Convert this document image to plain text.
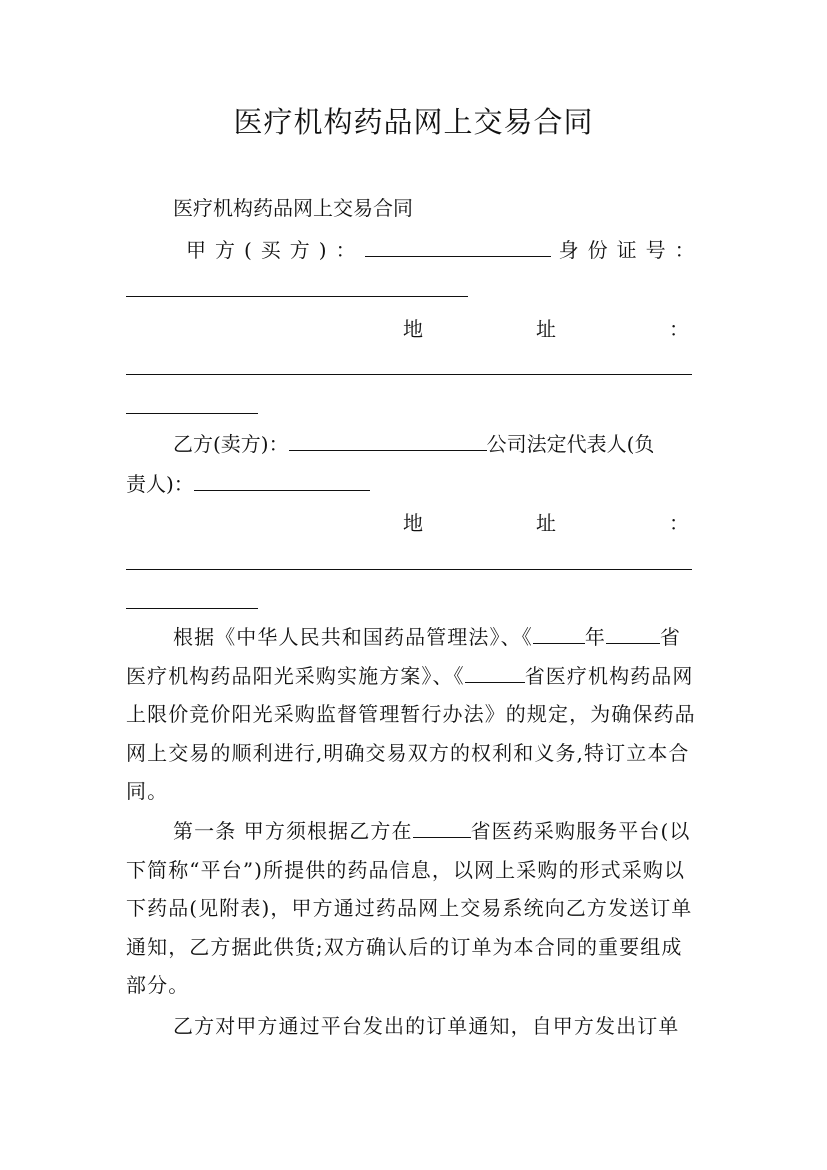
医疗机构药品网上交易合同
医疗机构药品网上交易合同
甲方(买方)：	身份证号：
地	址	：
乙方(卖方)：	公司法定代表人(负
责人)：
地	址	：
根据《中华人民共和国药品管理法》、《	年	省医疗机构药品阳光采购实施方案》、《	省医疗机构药品网上限价竞价阳光采购监督管理暂行办法》的规定，为确保药品网上交易的顺利进行,明确交易双方的权利和义务,特订立本合同。
第一条 甲方须根据乙方在	省医药采购服务平台(以下简称“平台”)所提供的药品信息，以网上采购的形式采购以下药品(见附表)，甲方通过药品网上交易系统向乙方发送订单通知，乙方据此供货;双方确认后的订单为本合同的重要组成部分。
乙方对甲方通过平台发出的订单通知，自甲方发出订单
